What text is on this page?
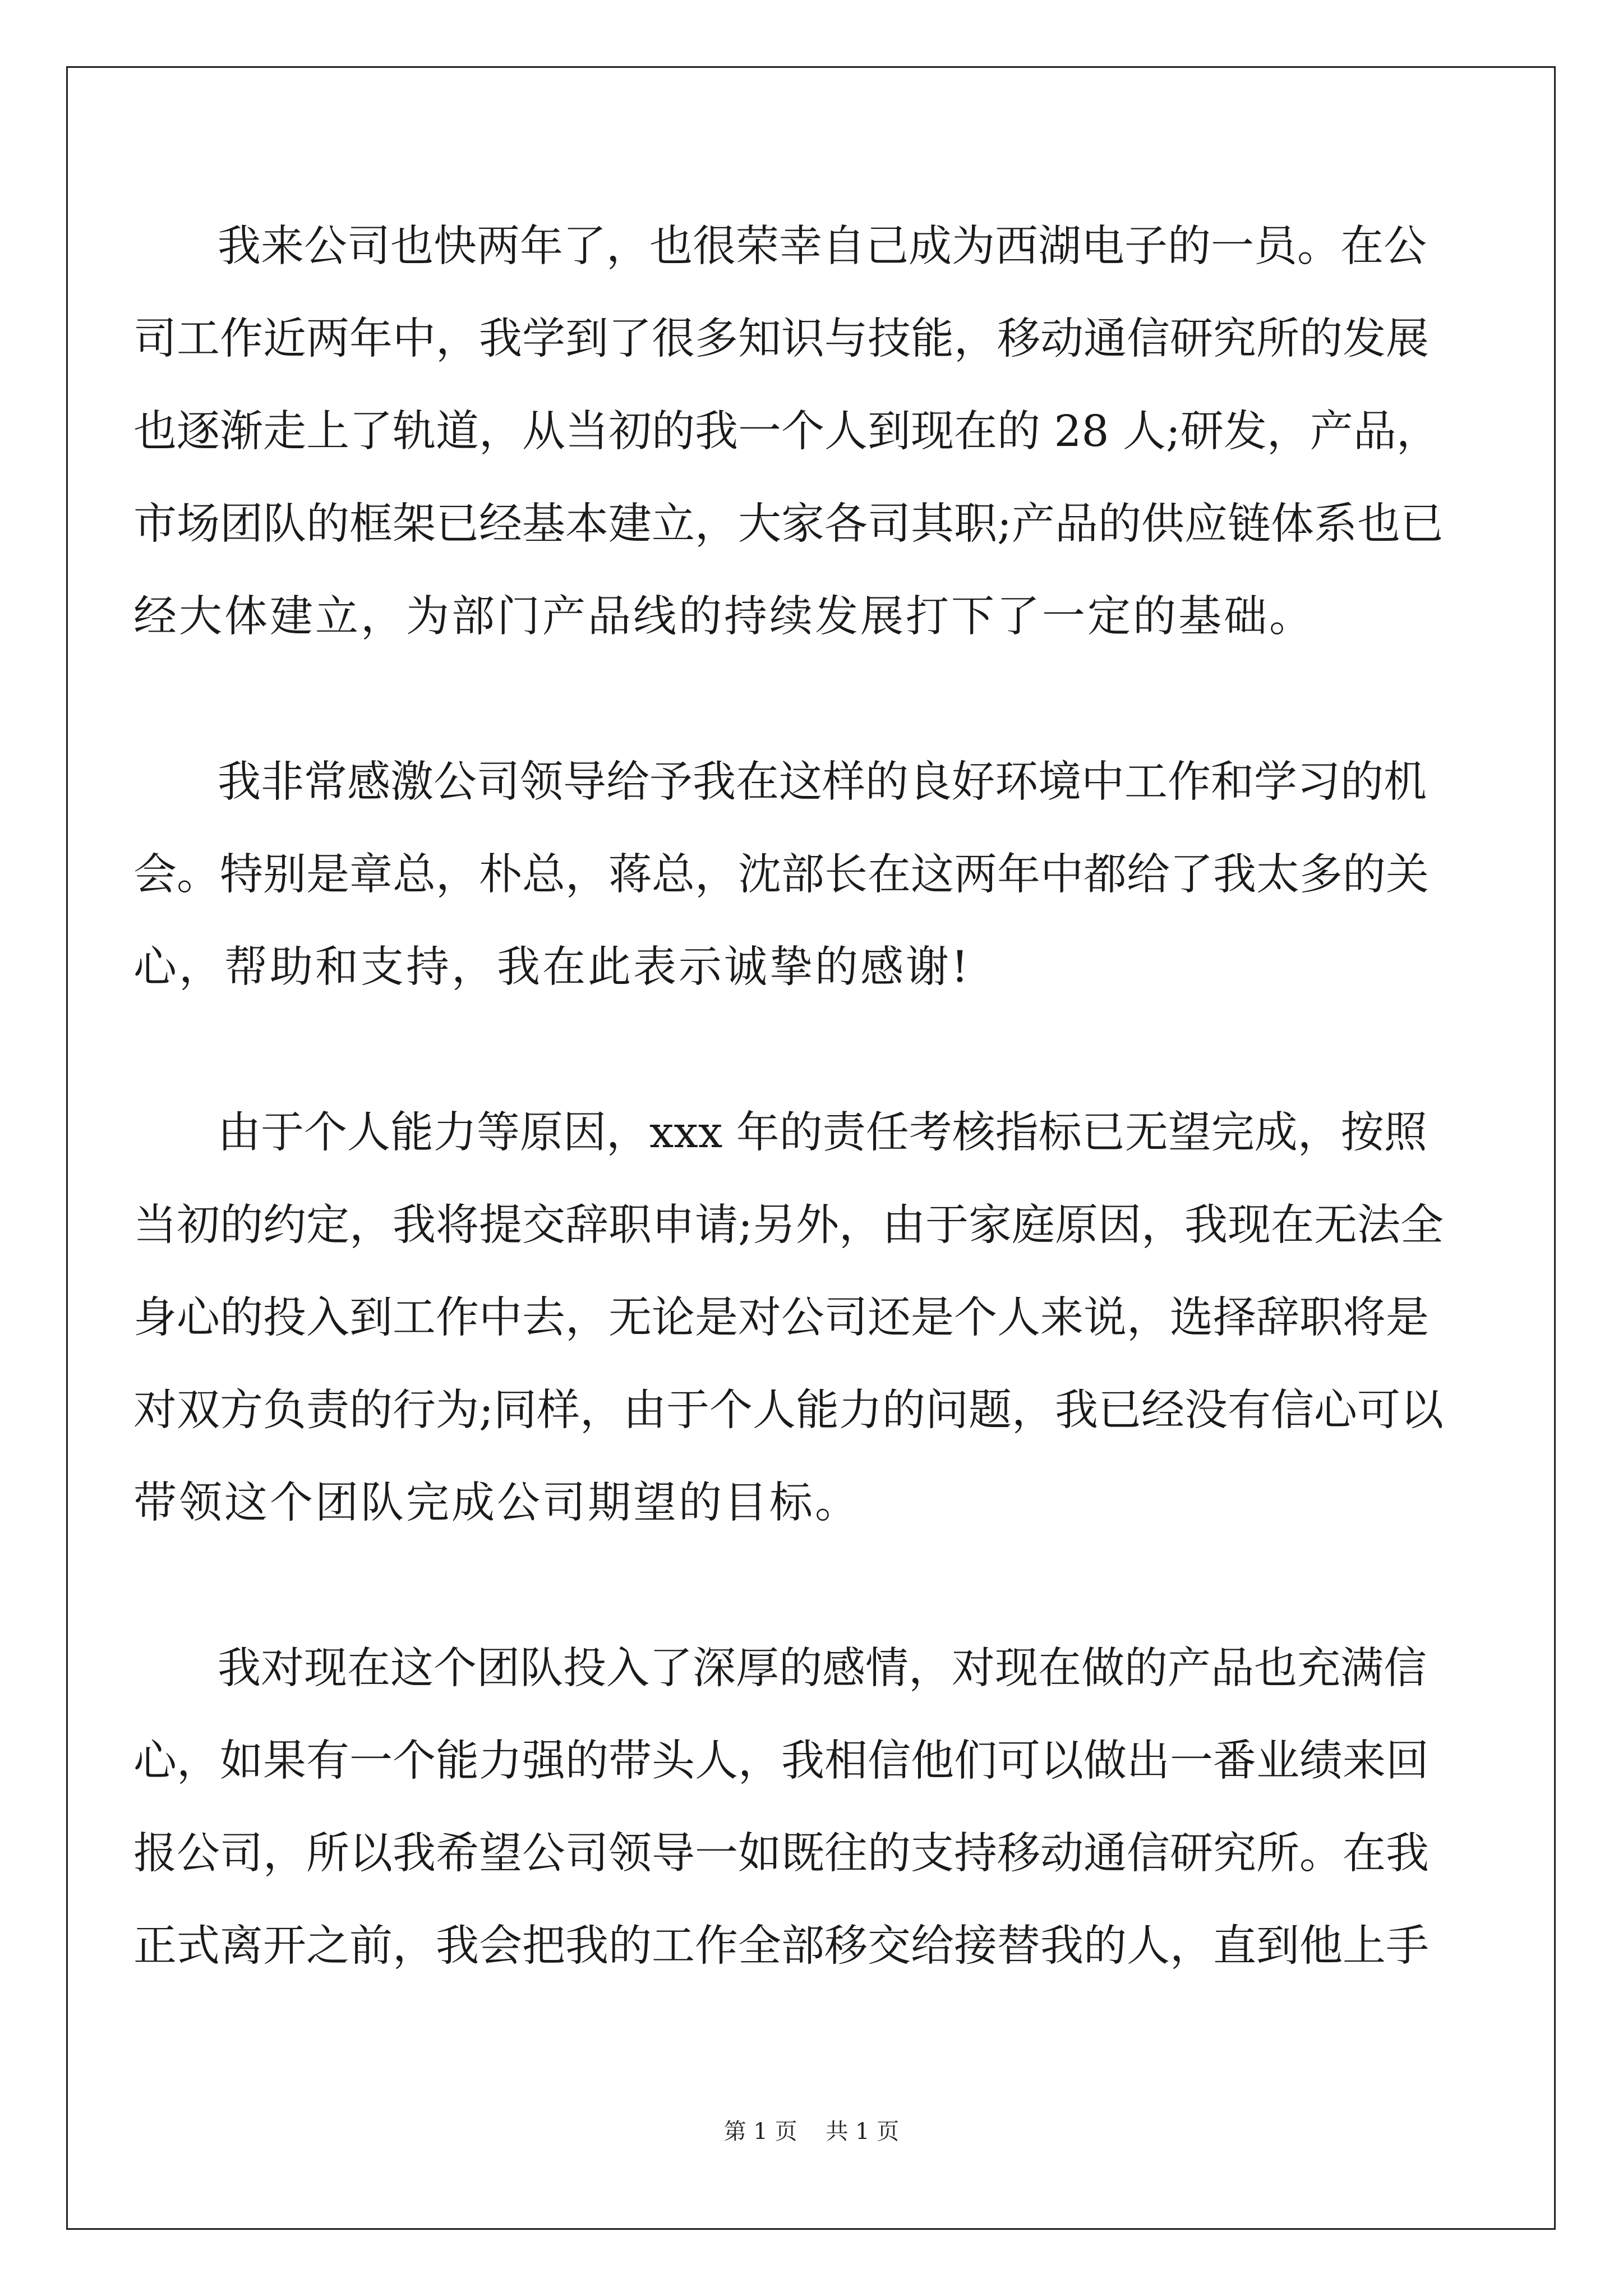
我来公司也快两年了，也很荣幸自己成为西湖电子的一员。在公
司工作近两年中，我学到了很多知识与技能，移动通信研究所的发展
也逐渐走上了轨道，从当初的我一个人到现在的 28 人;研发，产品，
市场团队的框架已经基本建立，大家各司其职;产品的供应链体系也已
经大体建立，为部门产品线的持续发展打下了一定的基础。
我非常感激公司领导给予我在这样的良好环境中工作和学习的机
会。特别是章总，朴总，蒋总，沈部长在这两年中都给了我太多的关
心，帮助和支持，我在此表示诚挚的感谢!
由于个人能力等原因，xxx 年的责任考核指标已无望完成，按照
当初的约定，我将提交辞职申请;另外，由于家庭原因，我现在无法全
身心的投入到工作中去，无论是对公司还是个人来说，选择辞职将是
对双方负责的行为;同样，由于个人能力的问题，我已经没有信心可以
带领这个团队完成公司期望的目标。
我对现在这个团队投入了深厚的感情，对现在做的产品也充满信
心，如果有一个能力强的带头人，我相信他们可以做出一番业绩来回
报公司，所以我希望公司领导一如既往的支持移动通信研究所。在我
正式离开之前，我会把我的工作全部移交给接替我的人，直到他上手
第 1 页    共 1 页
